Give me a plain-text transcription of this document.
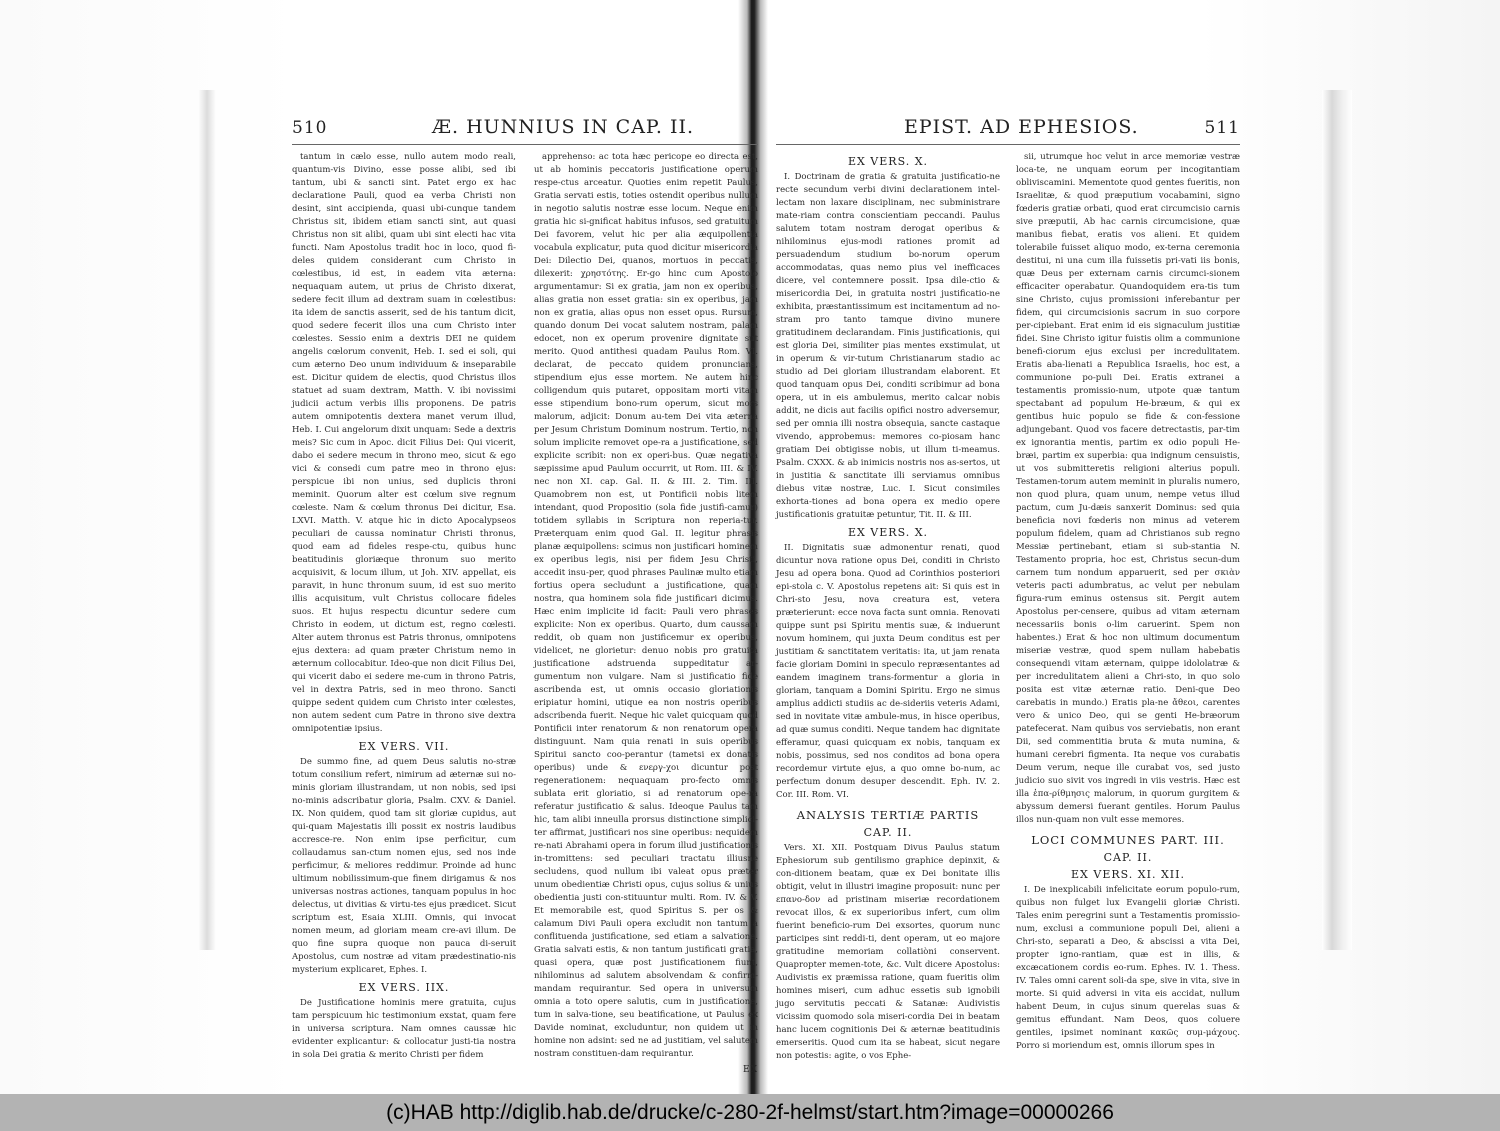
510	Æ. HUNNIUS IN CAP. II.

tantum in cælo esse, nullo autem modo reali, quantum-vis Divino, esse posse alibi, sed ibi tantum, ubi & sancti sint. Patet ergo ex hac declaratione Pauli, quod ea verba Christi non desint, sint accipienda, quasi ubi-cunque tandem Christus sit, ibidem etiam sancti sint, aut quasi Christus non sit alibi, quam ubi sint electi hac vita functi. Nam Apostolus tradit hoc in loco, quod fi-deles quidem considerant cum Christo in cœlestibus, id est, in eadem vita æterna: nequaquam autem, ut prius de Christo dixerat, sedere fecit illum ad dextram suam in cœlestibus: ita idem de sanctis asserit, sed de his tantum dicit, quod sedere fecerit illos una cum Christo inter cœlestes. Sessio enim a dextris DEI ne quidem angelis cœlorum convenit, Heb. I. sed ei soli, qui cum æterno Deo unum individuum & inseparabile est. Dicitur quidem de electis, quod Christus illos statuet ad suam dextram, Matth. V. ibi novissimi judicii actum verbis illis proponens. De patris autem omnipotentis dextera manet verum illud, Heb. I. Cui angelorum dixit unquam: Sede a dextris meis? Sic cum in Apoc. dicit Filius Dei: Qui vicerit, dabo ei sedere mecum in throno meo, sicut & ego vici & consedi cum patre meo in throno ejus: perspicue ibi non unius, sed duplicis throni meminit. Quorum alter est cœlum sive regnum cœleste. Nam & cœlum thronus Dei dicitur, Esa. LXVI. Matth. V. atque hic in dicto Apocalypseos peculiari de caussa nominatur Christi thronus, quod eam ad fideles respe-ctu, quibus hunc beatitudinis gloriæque thronum suo merito acquisivit, & locum illum, ut Joh. XIV. appellat, eis paravit, in hunc thronum suum, id est suo merito illis acquisitum, vult Christus collocare fideles suos. Et hujus respectu dicuntur sedere cum Christo in eodem, ut dictum est, regno cœlesti. Alter autem thronus est Patris thronus, omnipotens ejus dextera: ad quam præter Christum nemo in æternum collocabitur. Ideo-que non dicit Filius Dei, qui vicerit dabo ei sedere me-cum in throno Patris, vel in dextra Patris, sed in meo throno. Sancti quippe sedent quidem cum Christo inter cœlestes, non autem sedent cum Patre in throno sive dextra omnipotentiæ ipsius.

EX VERS. VII.

De summo fine, ad quem Deus salutis no-stræ totum consilium refert, nimirum ad æternæ sui no-minis gloriam illustrandam, ut non nobis, sed ipsi no-minis adscribatur gloria, Psalm. CXV. & Daniel. IX. Non quidem, quod tam sit gloriæ cupidus, aut qui-quam Majestatis illi possit ex nostris laudibus accresce-re. Non enim ipse perficitur, cum collaudamus san-ctum nomen ejus, sed nos inde perficimur, & meliores reddimur. Proinde ad hunc ultimum nobilissimum-que finem dirigamus & nos universas nostras actiones, tanquam populus in hoc delectus, ut divitias & virtu-tes ejus prædicet. Sicut scriptum est, Esaia XLIII. Omnis, qui invocat nomen meum, ad gloriam meam cre-avi illum. De quo fine supra quoque non pauca di-seruit Apostolus, cum nostræ ad vitam prædestinatio-nis mysterium explicaret, Ephes. I.

EX VERS. IIX.

De Justificatione hominis mere gratuita, cujus tam perspicuum hic testimonium exstat, quam fere in universa scriptura. Nam omnes caussæ hic evidenter explicantur: & collocatur justi-tia nostra in sola Dei gratia & merito Christi per fidem

apprehenso: ac tota hæc pericope eo directa est, ut ab hominis peccatoris justificatione operum respe-ctus arceatur. Quoties enim repetit Paulus, Gratia servati estis, toties ostendit operibus nullum in negotio salutis nostræ esse locum. Neque enim gratia hic si-gnificat habitus infusos, sed gratuitum Dei favorem, velut hic per alia æquipollentia vocabula explicatur, puta quod dicitur misericordia Dei: Dilectio Dei, quanos, mortuos in peccatis, dilexerit: χρηστότης. Er-go hinc cum Apostolo argumentamur: Si ex gratia, jam non ex operibus, alias gratia non esset gratia: sin ex operibus, jam non ex gratia, alias opus non esset opus. Rursum, quando donum Dei vocat salutem nostram, palam edocet, non ex operum provenire dignitate sut merito. Quod antithesi quadam Paulus Rom. VI. declarat, de peccato quidem pronuncians, stipendium ejus esse mortem. Ne autem hinc colligendum quis putaret, oppositam morti vitam esse stipendium bono-rum operum, sicut mors malorum, adjicit: Donum au-tem Dei vita æterna per Jesum Christum Dominum nostrum. Tertio, non solum implicite removet ope-ra a justificatione, sed explicite scribit: non ex operi-bus. Quæ negativa sæpissime apud Paulum occurrit, ut Rom. III. & IV. nec non XI. cap. Gal. II. & III. 2. Tim. III. Quamobrem non est, ut Pontificii nobis litem intendant, quod Propositio (sola fide justifi-camur) totidem syllabis in Scriptura non reperia-tur. Præterquam enim quod Gal. II. legitur phrasis planæ æquipollens: scimus non justificari hominem ex operibus legis, nisi per fidem Jesu Christi, accedit insu-per, quod phrases Paulinæ multo etiam fortius opera secludunt a justificatione, quam nostra, qua hominem sola fide justificari dicimus. Hæc enim implicite id facit: Pauli vero phrases explicite: Non ex operibus. Quarto, dum caussam reddit, ob quam non justificemur ex operibus, videlicet, ne glorietur: denuo nobis pro gratuita justificatione adstruenda suppeditatur ar-gumentum non vulgare. Nam si justificatio fide ascribenda est, ut omnis occasio gloriationis eripiatur homini, utique ea non nostris operibus adscribenda fuerit. Neque hic valet quicquam quod Pontificii inter renatorum & non renatorum opera distinguunt. Nam quia renati in suis operibus Spiritui sancto coo-perantur (tametsi ex donatis operibus) unde & ενεργ-χοι dicuntur post regenerationem: nequaquam pro-fecto omnis sublata erit gloriatio, si ad renatorum ope-ra referatur justificatio & salus. Ideoque Paulus tam hic, tam alibi inneulla prorsus distinctione simplici-ter affirmat, justificari nos sine operibus: nequidem re-nati Abrahami opera in forum illud justificationis in-tromittens: sed peculiari tractatu illiusne secludens, quod nullum ibi valeat opus præter unum obedientiæ Christi opus, cujus solius & unius obedientia justi con-stituuntur multi. Rom. IV. & V. Et memorabile est, quod Spiritus S. per os & calamum Divi Pauli opera excludit non tantum a conflituenda justificatione, sed etiam a salvatione. Gratia salvati estis, & non tantum justificati gratia, quasi opera, quæ post justificationem fiunt, nihilominus ad salutem absolvendam & confirm-mandam requirantur. Sed opera in universum omnia a toto opere salutis, cum in justificatione, tum in salva-tione, seu beatificatione, ut Paulus ex Davide nominat, excluduntur, non quidem ut in homine non adsint: sed ne ad justitiam, vel salutem nostram constituen-dam requirantur.

EX
EPIST. AD EPHESIOS.	511
EX VERS. X.

I. Doctrinam de gratia & gratuita justificatio-ne recte secundum verbi divini declarationem intel-lectam non laxare disciplinam, nec subministrare mate-riam contra conscientiam peccandi. Paulus salutem totam nostram derogat operibus & nihilominus ejus-modi rationes promit ad persuadendum studium bo-norum operum accommodatas, quas nemo pius vel inefficaces dicere, vel contemnere possit. Ipsa dile-ctio & misericordia Dei, in gratuita nostri justificatio-ne exhibita, præstantissimum est incitamentum ad no-stram pro tanto tamque divino munere gratitudinem declarandam. Finis justificationis, qui est gloria Dei, similiter pias mentes exstimulat, ut in operum & vir-tutum Christianarum stadio ac studio ad Dei gloriam illustrandam elaborent. Et quod tanquam opus Dei, conditi scribimur ad bona opera, ut in eis ambulemus, merito calcar nobis addit, ne dicis aut facilis opifici nostro adversemur, sed per omnia illi nostra obsequia, sancte castaque vivendo, approbemus: memores co-piosam hanc gratiam Dei obtigisse nobis, ut illum ti-meamus. Psalm. CXXX. & ab inimicis nostris nos as-sertos, ut in justitia & sanctitate illi serviamus omnibus diebus vitæ nostræ, Luc. I. Sicut consimiles exhorta-tiones ad bona opera ex medio opere justificationis gratuitæ petuntur, Tit. II. & III.

EX VERS. X.

II. Dignitatis suæ admonentur renati, quod dicuntur nova ratione opus Dei, conditi in Christo Jesu ad opera bona. Quod ad Corinthios posteriori epi-stola c. V. Apostolus repetens ait: Si quis est in Chri-sto Jesu, nova creatura est, vetera præterierunt: ecce nova facta sunt omnia. Renovati quippe sunt psi Spiritu mentis suæ, & induerunt novum hominem, qui juxta Deum conditus est per justitiam & sanctitatem veritatis: ita, ut jam renata facie gloriam Domini in speculo repræsentantes ad eandem imaginem trans-formentur a gloria in gloriam, tanquam a Domini Spiritu. Ergo ne simus amplius addicti studiis ac de-sideriis veteris Adami, sed in novitate vitæ ambule-mus, in hisce operibus, ad quæ sumus conditi. Neque tandem hac dignitate efferamur, quasi quicquam ex nobis, tanquam ex nobis, possimus, sed nos conditos ad bona opera recordemur virtute ejus, a quo omne bo-num, ac perfectum donum desuper descendit. Eph. IV. 2. Cor. III. Rom. VI.

ANALYSIS TERTIÆ PARTIS
CAP. II.

Vers. XI. XII. Postquam Divus Paulus statum Ephesiorum sub gentilismo graphice depinxit, & con-ditionem beatam, quæ ex Dei bonitate illis obtigit, velut in illustri imagine proposuit: nunc per επανο-δον ad pristinam miseriæ recordationem revocat illos, & ex superioribus infert, cum olim fuerint beneficio-rum Dei exsortes, quorum nunc participes sint reddi-ti, dent operam, ut eo majore gratitudine memoriam collatiòni conservent. Quapropter memen-tote, &c. Vult dicere Apostolus: Audivistis ex præmissa ratione, quam fueritis olim homines miseri, cum adhuc essetis sub ignobili jugo servitutis peccati & Satanæ: Audivistis vicissim quomodo sola miseri-cordia Dei in beatam hanc lucem cognitionis Dei & æternæ beatitudinis emerseritis. Quod cum ita se habeat, sicut negare non potestis: agite, o vos Ephe-

sii, utrumque hoc velut in arce memoriæ vestræ loca-te, ne unquam eorum per incogitantiam obliviscamini. Mementote quod gentes fueritis, non Israelitæ, & quod præputium vocabamini, signo fœderis gratiæ orbati, quod erat circumcisio carnis sive præputii, Ab hac carnis circumcisione, quæ manibus fiebat, eratis vos alieni. Et quidem tolerabile fuisset aliquo modo, ex-terna ceremonia destitui, ni una cum illa fuissetis pri-vati iis bonis, quæ Deus per externam carnis circumci-sionem efficaciter operabatur. Quandoquidem era-tis tum sine Christo, cujus promissioni inferebantur per fidem, qui circumcisionis sacrum in suo corpore per-cipiebant. Erat enim id eis signaculum justitiæ fidei. Sine Christo igitur fuistis olim a communione benefi-ciorum ejus exclusi per incredulitatem. Eratis aba-lienati a Republica Israelis, hoc est, a communione po-puli Dei. Eratis extranei a testamentis promissio-num, utpote quæ tantum spectabant ad populum He-bræum, & qui ex gentibus huic populo se fide & con-fessione adjungebant. Quod vos facere detrectastis, par-tim ex ignorantia mentis, partim ex odio populi He-bræi, partim ex superbia: qua indignum censuistis, ut vos submitteretis religioni alterius populi. Testamen-torum autem meminit in pluralis numero, non quod plura, quam unum, nempe vetus illud pactum, cum Ju-dæis sanxerit Dominus: sed quia beneficia novi fœderis non minus ad veterem populum fidelem, quam ad Christianos sub regno Messiæ pertinebant, etiam si sub-stantia N. Testamento propria, hoc est, Christus secun-dum carnem tum nondum apparuerit, sed per σκιὰν veteris pacti adumbratus, ac velut per nebulam figura-rum eminus ostensus sit. Pergit autem Apostolus per-censere, quibus ad vitam æternam necessariis bonis o-lim caruerint. Spem non habentes.) Erat & hoc non ultimum documentum miseriæ vestræ, quod spem nullam habebatis consequendi vitam æternam, quippe idololatræ & per incredulitatem alieni a Chri-sto, in quo solo posita est vitæ æternæ ratio. Deni-que Deo carebatis in mundo.) Eratis pla-ne ἄθεοι, carentes vero & unico Deo, qui se genti He-bræorum patefecerat. Nam quibus vos serviebatis, non erant Dii, sed commentitia bruta & muta numina, & humani cerebri figmenta. Ita neque vos curabatis Deum verum, neque ille curabat vos, sed justo judicio suo sivit vos ingredi in viis vestris. Hæc est illa ἐπα-ρίθμησις malorum, in quorum gurgitem & abyssum demersi fuerant gentiles. Horum Paulus illos nun-quam non vult esse memores.

LOCI COMMUNES PART. III.
CAP. II.
EX VERS. XI. XII.

I. De inexplicabili infelicitate eorum populo-rum, quibus non fulget lux Evangelii gloriæ Christi. Tales enim peregrini sunt a Testamentis promissio-num, exclusi a communione populi Dei, alieni a Chri-sto, separati a Deo, & abscissi a vita Dei, propter igno-rantiam, quæ est in illis, & excæcationem cordis eo-rum. Ephes. IV. 1. Thess. IV. Tales omni carent soli-da spe, sive in vita, sive in morte. Si quid adversi in vita eis accidat, nullum habent Deum, in cujus sinum querelas suas & gemitus effundant. Nam Deos, quos coluere gentiles, ipsimet nominant κακῶς συμ-μάχους. Porro si moriendum est, omnis illorum spes in

(c)HAB http://diglib.hab.de/drucke/c-280-2f-helmst/start.htm?image=00000266
